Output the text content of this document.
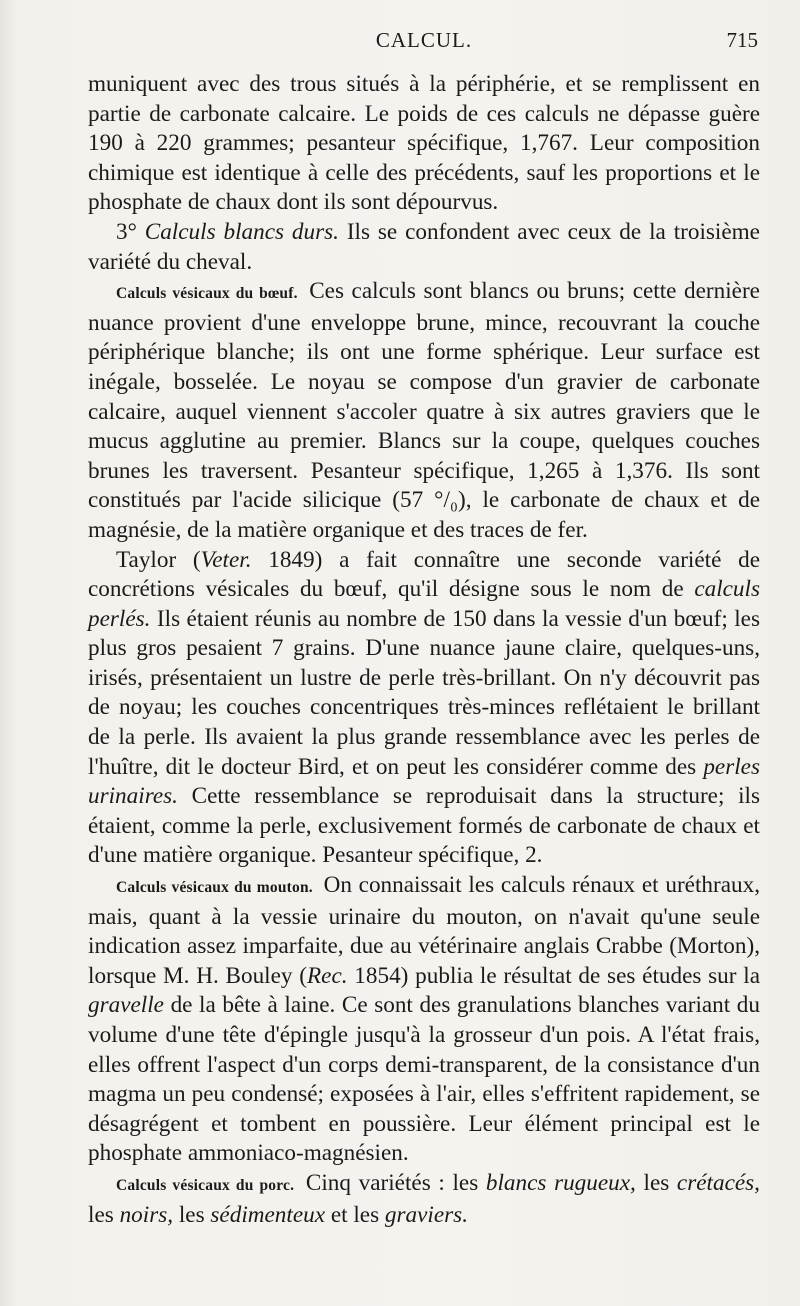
CALCUL.	715

muniquent avec des trous situés à la périphérie, et se remplissent en partie de carbonate calcaire. Le poids de ces calculs ne dépasse guère 190 à 220 grammes; pesanteur spécifique, 1,767. Leur composition chimique est identique à celle des précédents, sauf les proportions et le phosphate de chaux dont ils sont dépourvus.

3° Calculs blancs durs. Ils se confondent avec ceux de la troisième variété du cheval.

Calculs vésicaux du bœuf. Ces calculs sont blancs ou bruns; cette dernière nuance provient d'une enveloppe brune, mince, recouvrant la couche périphérique blanche; ils ont une forme sphérique. Leur surface est inégale, bosselée. Le noyau se compose d'un gravier de carbonate calcaire, auquel viennent s'accoler quatre à six autres graviers que le mucus agglutine au premier. Blancs sur la coupe, quelques couches brunes les traversent. Pesanteur spécifique, 1,265 à 1,376. Ils sont constitués par l'acide silicique (57 °/₀), le carbonate de chaux et de magnésie, de la matière organique et des traces de fer.

Taylor (Veter. 1849) a fait connaître une seconde variété de concrétions vésicales du bœuf, qu'il désigne sous le nom de calculs perlés. Ils étaient réunis au nombre de 150 dans la vessie d'un bœuf; les plus gros pesaient 7 grains. D'une nuance jaune claire, quelques-uns, irisés, présentaient un lustre de perle très-brillant. On n'y découvrit pas de noyau; les couches concentriques très-minces reflétaient le brillant de la perle. Ils avaient la plus grande ressemblance avec les perles de l'huître, dit le docteur Bird, et on peut les considérer comme des perles urinaires. Cette ressemblance se reproduisait dans la structure; ils étaient, comme la perle, exclusivement formés de carbonate de chaux et d'une matière organique. Pesanteur spécifique, 2.

Calculs vésicaux du mouton. On connaissait les calculs rénaux et uréthraux, mais, quant à la vessie urinaire du mouton, on n'avait qu'une seule indication assez imparfaite, due au vétérinaire anglais Crabbe (Morton), lorsque M. H. Bouley (Rec. 1854) publia le résultat de ses études sur la gravelle de la bête à laine. Ce sont des granulations blanches variant du volume d'une tête d'épingle jusqu'à la grosseur d'un pois. A l'état frais, elles offrent l'aspect d'un corps demi-transparent, de la consistance d'un magma un peu condensé; exposées à l'air, elles s'effritent rapidement, se désagrégent et tombent en poussière. Leur élément principal est le phosphate ammoniaco-magnésien.

Calculs vésicaux du porc. Cinq variétés : les blancs rugueux, les crétacés, les noirs, les sédimenteux et les graviers.
